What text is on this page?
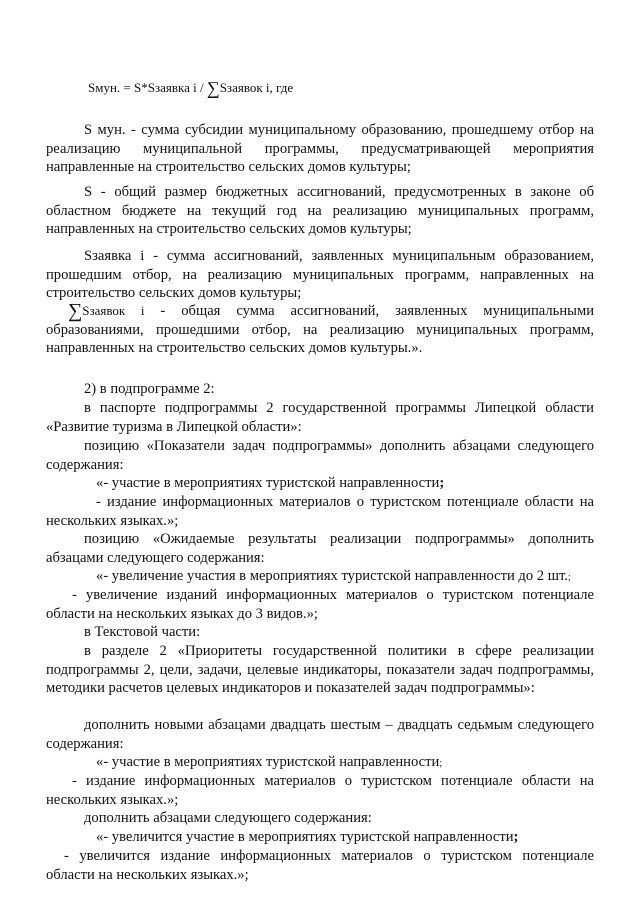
Sмун. = S*Sзаявка i / ∑Sзаявок i, где

S мун. - сумма субсидии муниципальному образованию, прошедшему отбор на реализацию муниципальной программы, предусматривающей мероприятия направленные на строительство сельских домов культуры;

S - общий размер бюджетных ассигнований, предусмотренных в законе об областном бюджете на текущий год на реализацию муниципальных программ, направленных на строительство сельских домов культуры;

Sзаявка i - сумма ассигнований, заявленных муниципальным образованием, прошедшим отбор, на реализацию муниципальных программ, направленных на строительство сельских домов культуры;

∑Sзаявок i - общая сумма ассигнований, заявленных муниципальными образованиями, прошедшими отбор, на реализацию муниципальных программ, направленных на строительство сельских домов культуры.».

2) в подпрограмме 2:

в паспорте подпрограммы 2 государственной программы Липецкой области «Развитие туризма в Липецкой области»:

позицию «Показатели задач подпрограммы» дополнить абзацами следующего содержания:

«- участие в мероприятиях туристской направленности;

- издание информационных материалов о туристском потенциале области на нескольких языках.»;

позицию «Ожидаемые результаты реализации подпрограммы» дополнить абзацами следующего содержания:

«- увеличение участия в мероприятиях туристской направленности до 2 шт.;

- увеличение изданий информационных материалов о туристском потенциале области на нескольких языках до 3 видов.»;

в Текстовой части:

в разделе 2 «Приоритеты государственной политики в сфере реализации подпрограммы 2, цели, задачи, целевые индикаторы, показатели задач подпрограммы, методики расчетов целевых индикаторов и показателей задач подпрограммы»:

дополнить новыми абзацами двадцать шестым – двадцать седьмым следующего содержания:

«- участие в мероприятиях туристской направленности;

- издание информационных материалов о туристском потенциале области на нескольких языках.»;

дополнить абзацами следующего содержания:

«- увеличится участие в мероприятиях туристской направленности;

- увеличится издание информационных материалов о туристском потенциале области на нескольких языках.»;
